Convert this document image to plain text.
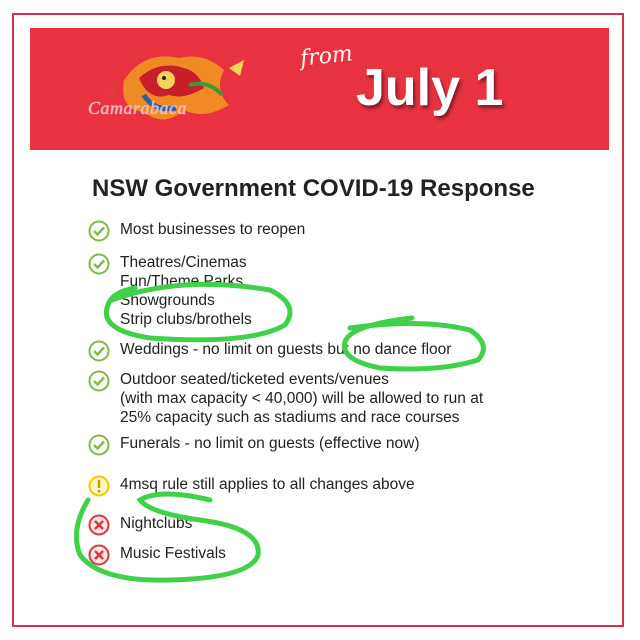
Camarabaca
from
July 1
NSW Government COVID-19 Response
Most businesses to reopen
Theatres/Cinemas
Fun/Theme Parks
Showgrounds
Strip clubs/brothels
Weddings - no limit on guests but no dance floor
Outdoor seated/ticketed events/venues
(with max capacity < 40,000) will be allowed to run at
25% capacity such as stadiums and race courses
Funerals - no limit on guests (effective now)
4msq rule still applies to all changes above
Nightclubs
Music Festivals
